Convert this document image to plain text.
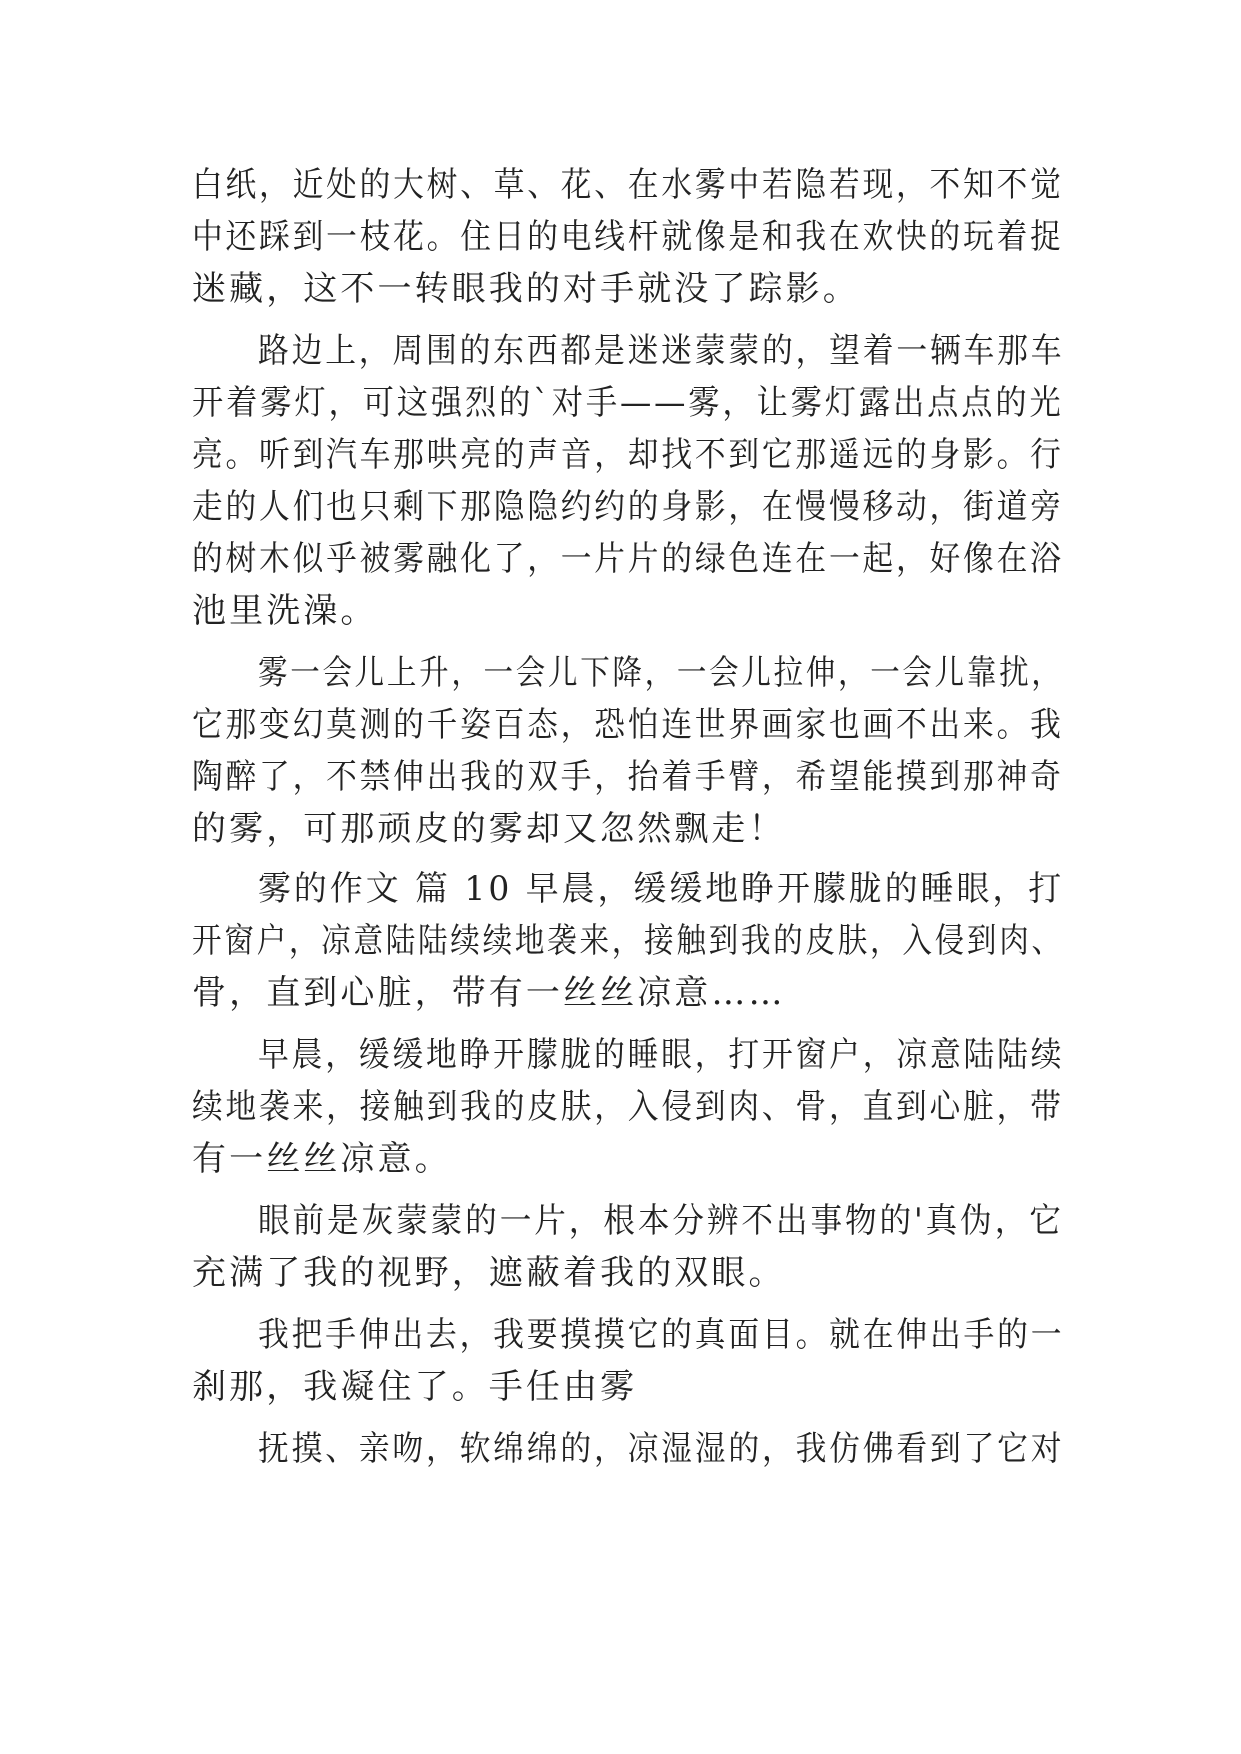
白纸，近处的大树、草、花、在水雾中若隐若现，不知不觉
中还踩到一枝花。住日的电线杆就像是和我在欢快的玩着捉
迷藏，这不一转眼我的对手就没了踪影。
路边上，周围的东西都是迷迷蒙蒙的，望着一辆车那车
开着雾灯，可这强烈的`对手——雾，让雾灯露出点点的光
亮。听到汽车那哄亮的声音，却找不到它那遥远的身影。行
走的人们也只剩下那隐隐约约的身影，在慢慢移动，街道旁
的树木似乎被雾融化了，一片片的绿色连在一起，好像在浴
池里洗澡。
雾一会儿上升，一会儿下降，一会儿拉伸，一会儿靠扰，
它那变幻莫测的千姿百态，恐怕连世界画家也画不出来。我
陶醉了，不禁伸出我的双手，抬着手臂，希望能摸到那神奇
的雾，可那顽皮的雾却又忽然飘走！
雾的作文 篇 10 早晨，缓缓地睁开朦胧的睡眼，打
开窗户，凉意陆陆续续地袭来，接触到我的皮肤，入侵到肉、
骨，直到心脏，带有一丝丝凉意……
早晨，缓缓地睁开朦胧的睡眼，打开窗户，凉意陆陆续
续地袭来，接触到我的皮肤，入侵到肉、骨，直到心脏，带
有一丝丝凉意。
眼前是灰蒙蒙的一片，根本分辨不出事物的'真伪，它
充满了我的视野，遮蔽着我的双眼。
我把手伸出去，我要摸摸它的真面目。就在伸出手的一
刹那，我凝住了。手任由雾
抚摸、亲吻，软绵绵的，凉湿湿的，我仿佛看到了它对
